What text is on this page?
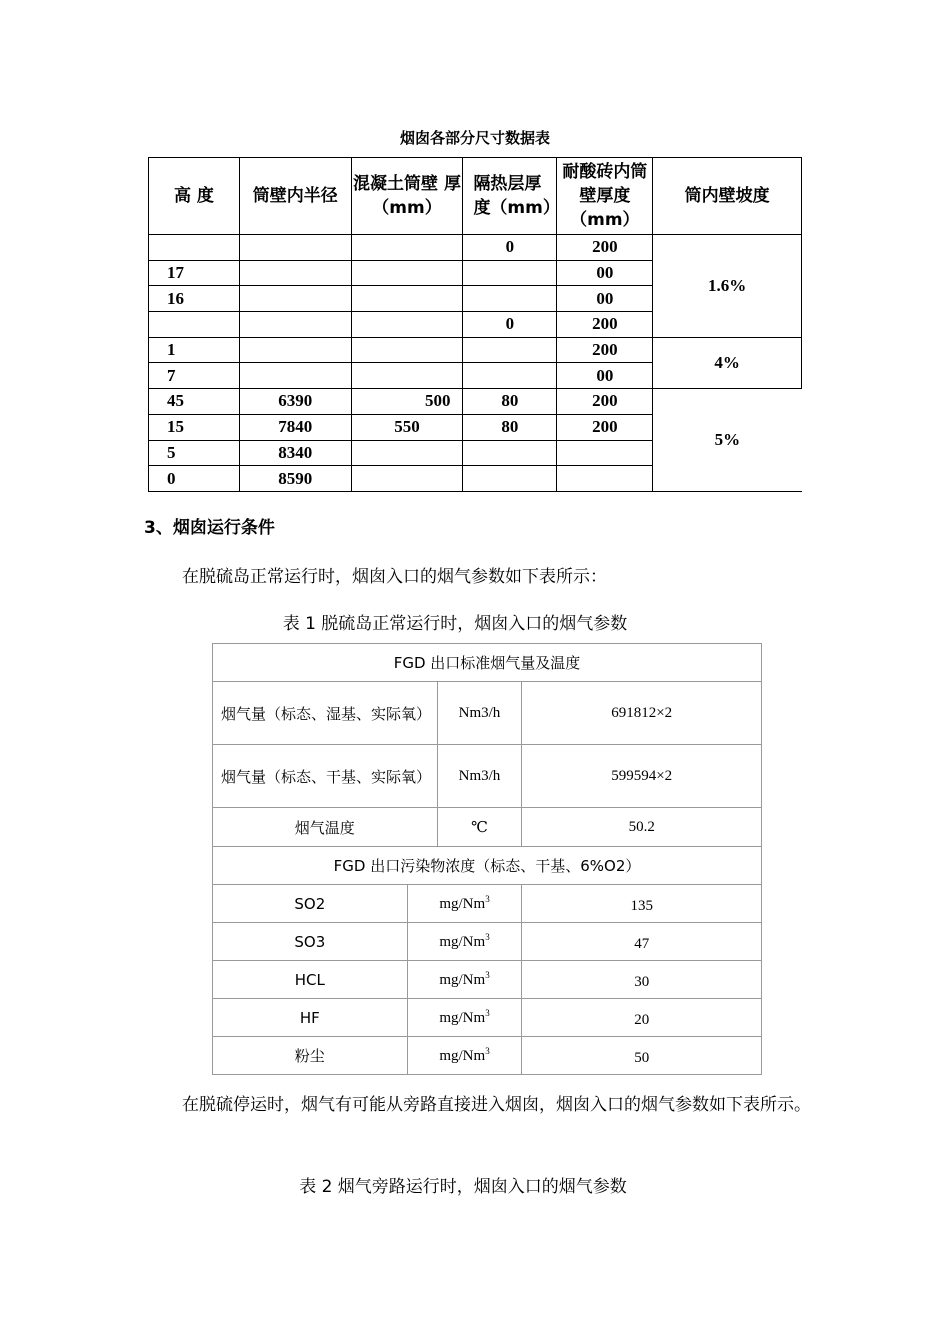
烟囱各部分尺寸数据表
高 度	筒壁内半径	混凝土筒壁 厚（mm）	隔热层厚度（mm）	耐酸砖内筒壁厚度（mm）	筒内壁坡度
			0	200	1.6%
17				00	
16				00	
			0	200	
1				200	4%
7				00	
45	6390	500	80	200	5%
15	7840	550	80	200	
5	8340				
0	8590				
3、烟囱运行条件
在脱硫岛正常运行时，烟囱入口的烟气参数如下表所示：
表 1 脱硫岛正常运行时，烟囱入口的烟气参数
FGD 出口标准烟气量及温度			
烟气量（标态、湿基、实际氧）		Nm3/h	691812×2
烟气量（标态、干基、实际氧）		Nm3/h	599594×2
烟气温度		℃	50.2
FGD 出口污染物浓度（标态、干基、6%O2）			
SO2	mg/Nm$^3$		135
SO3	mg/Nm$^3$		47
HCL	mg/Nm$^3$		30
HF	mg/Nm$^3$		20
粉尘	mg/Nm$^3$		50
在脱硫停运时，烟气有可能从旁路直接进入烟囱，烟囱入口的烟气参数如下表所示。
表 2 烟气旁路运行时，烟囱入口的烟气参数
